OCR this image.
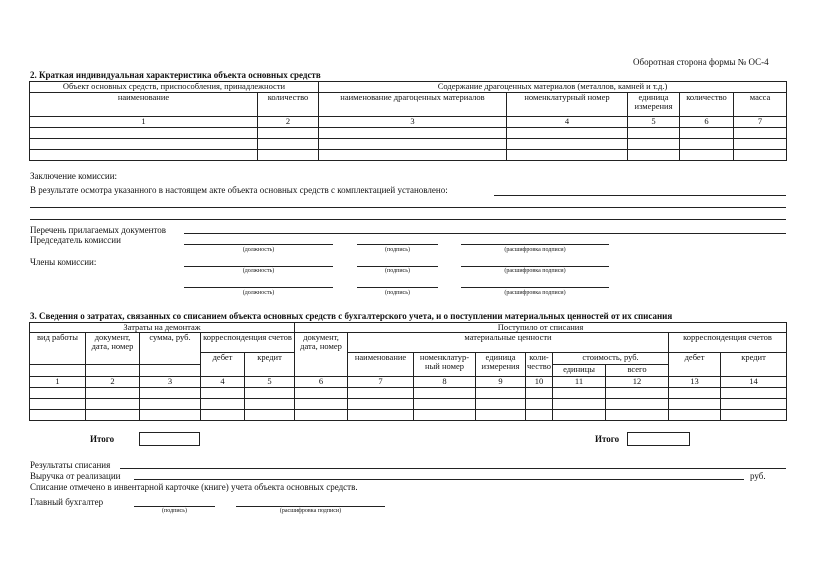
Оборотная сторона формы № ОС-4
2. Краткая индивидуальная характеристика объекта основных средств
Объект основных средств, приспособления, принадлежности		Содержание драгоценных материалов (металлов, камней и т.д.)				
наименование	количество	наименование драгоценных материалов	номенклатурный номер	единица измерения	количество	масса
1	2	3	4	5	6	7

Заключение комиссии:
В результате осмотра указанного в настоящем акте объекта основных средств с комплектацией установлено:
Перечень прилагаемых документов
Председатель комиссии
(должность)	(подпись)	(расшифровка подписи)
Члены комиссии:
(должность)	(подпись)	(расшифровка подписи)
(должность)	(подпись)	(расшифровка подписи)
3. Сведения о затратах, связанных со списанием объекта основных средств с бухгалтерского учета, и о поступлении материальных ценностей от их списания
Затраты на демонтаж					Поступило от списания								
вид работы	документ, дата, номер	сумма, руб.	корреспонденция счетов		документ, дата, номер	материальные ценности						корреспонденция счетов	
			дебет	кредит		наименование	номенклатур-ный номер	единица измерения	коли-чество	стоимость, руб.		дебет	кредит
										единицы	всего		
1	2	3	4	5	6	7	8	9	10	11	12	13	14

Итого	Итого
Результаты списания
Выручка от реализации	руб.
Списание отмечено в инвентарной карточке (книге) учета объекта основных средств.
Главный бухгалтер
(подпись)	(расшифровка подписи)
